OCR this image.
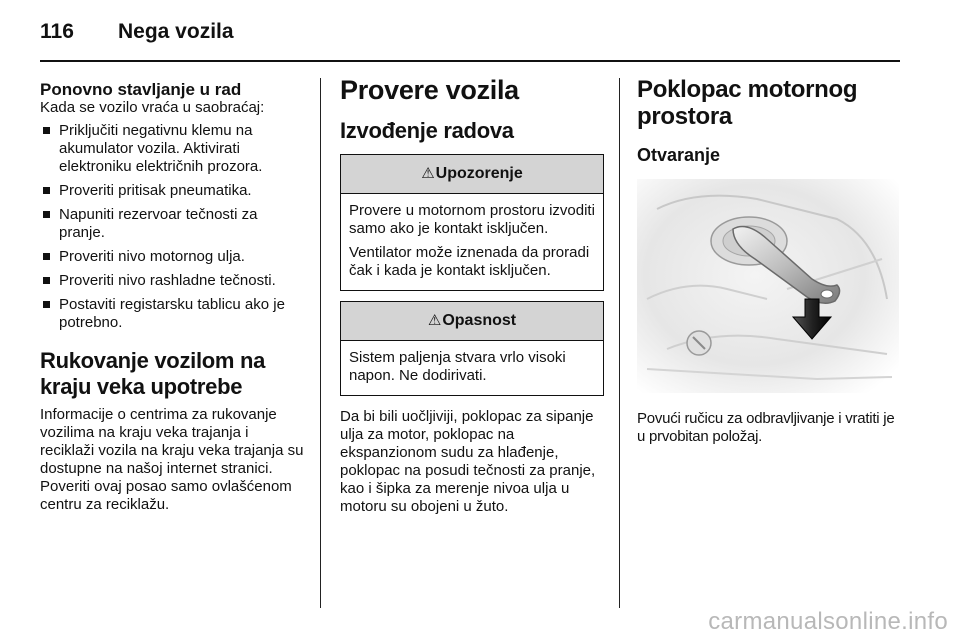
116 Nega vozila
Ponovno stavljanje u rad

Kada se vozilo vraća u saobraćaj:

Priključiti negativnu klemu na akumulator vozila. Aktivirati elektroniku električnih prozora.
Proveriti pritisak pneumatika.
Napuniti rezervoar tečnosti za pranje.
Proveriti nivo motornog ulja.
Proveriti nivo rashladne tečnosti.
Postaviti registarsku tablicu ako je potrebno.
Rukovanje vozilom na kraju veka upotrebe

Informacije o centrima za rukovanje vozilima na kraju veka trajanja i reciklaži vozila na kraju veka trajanja su dostupne na našoj internet stranici. Poveriti ovaj posao samo ovlašćenom centru za reciklažu.

Provere vozila
Izvođenje radova
⚠Upozorenje

Provere u motornom prostoru izvoditi samo ako je kontakt isključen.

Ventilator može iznenada da proradi čak i kada je kontakt isključen.

⚠Opasnost

Sistem paljenja stvara vrlo visoki napon. Ne dodirivati.

Da bi bili uočljiviji, poklopac za sipanje ulja za motor, poklopac na ekspanzionom sudu za hlađenje, poklopac na posudi tečnosti za pranje, kao i šipka za merenje nivoa ulja u motoru su obojeni u žuto.

Poklopac motornog prostora
Otvaranje

Povući ručicu za odbravljivanje i vratiti je u prvobitan položaj.

carmanualsonline.info
